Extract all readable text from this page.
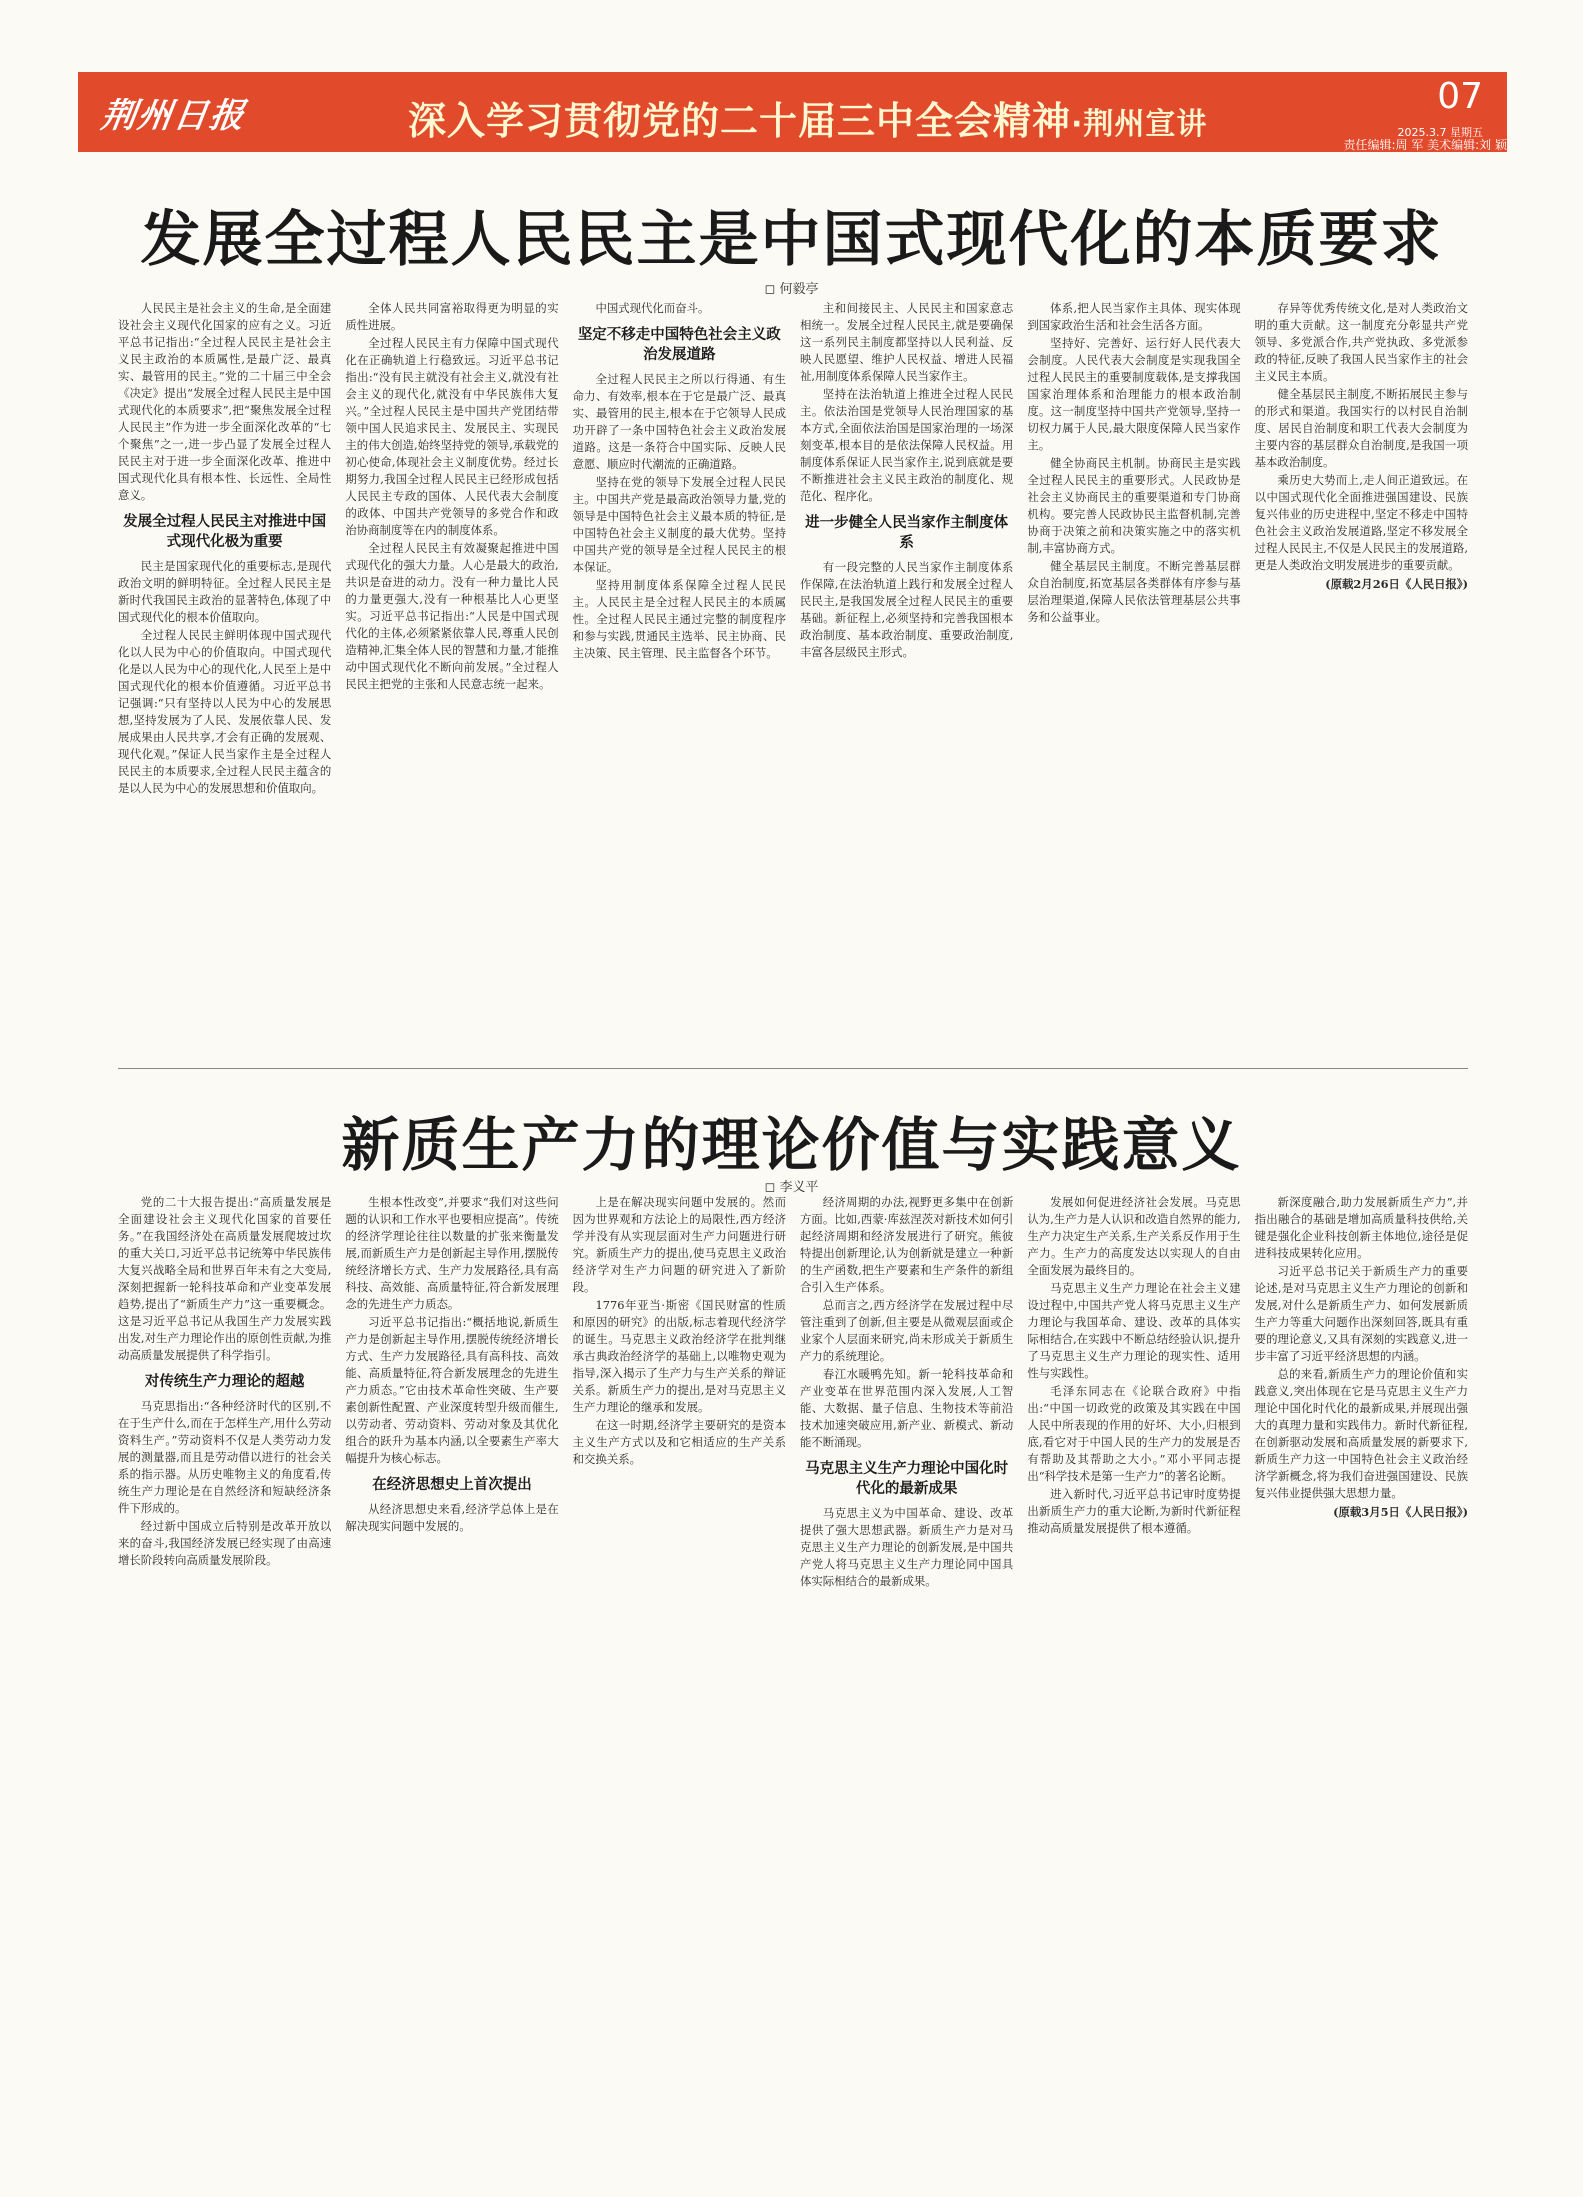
荆州日报	深入学习贯彻党的二十届三中全会精神·荆州宣讲
07
2025.3.7 星期五
责任编辑:周 军 美术编辑:刘 颖
发展全过程人民民主是中国式现代化的本质要求
◻ 何毅亭

人民民主是社会主义的生命,是全面建设社会主义现代化国家的应有之义。习近平总书记指出:“全过程人民民主是社会主义民主政治的本质属性,是最广泛、最真实、最管用的民主。”党的二十届三中全会《决定》提出“发展全过程人民民主是中国式现代化的本质要求”,把“聚焦发展全过程人民民主”作为进一步全面深化改革的“七个聚焦”之一,进一步凸显了发展全过程人民民主对于进一步全面深化改革、推进中国式现代化具有根本性、长远性、全局性意义。

发展全过程人民民主对推进中国式现代化极为重要

民主是国家现代化的重要标志,是现代政治文明的鲜明特征。全过程人民民主是新时代我国民主政治的显著特色,体现了中国式现代化的根本价值取向。

全过程人民民主鲜明体现中国式现代化以人民为中心的价值取向。中国式现代化是以人民为中心的现代化,人民至上是中国式现代化的根本价值遵循。习近平总书记强调:“只有坚持以人民为中心的发展思想,坚持发展为了人民、发展依靠人民、发展成果由人民共享,才会有正确的发展观、现代化观。”保证人民当家作主是全过程人民民主的本质要求,全过程人民民主蕴含的是以人民为中心的发展思想和价值取向。

全体人民共同富裕取得更为明显的实质性进展。

全过程人民民主有力保障中国式现代化在正确轨道上行稳致远。习近平总书记指出:“没有民主就没有社会主义,就没有社会主义的现代化,就没有中华民族伟大复兴。”全过程人民民主是中国共产党团结带领中国人民追求民主、发展民主、实现民主的伟大创造,始终坚持党的领导,承载党的初心使命,体现社会主义制度优势。经过长期努力,我国全过程人民民主已经形成包括人民民主专政的国体、人民代表大会制度的政体、中国共产党领导的多党合作和政治协商制度等在内的制度体系。

全过程人民民主有效凝聚起推进中国式现代化的强大力量。人心是最大的政治,共识是奋进的动力。没有一种力量比人民的力量更强大,没有一种根基比人心更坚实。习近平总书记指出:“人民是中国式现代化的主体,必须紧紧依靠人民,尊重人民创造精神,汇集全体人民的智慧和力量,才能推动中国式现代化不断向前发展。”全过程人民民主把党的主张和人民意志统一起来。

中国式现代化而奋斗。

坚定不移走中国特色社会主义政治发展道路

全过程人民民主之所以行得通、有生命力、有效率,根本在于它是最广泛、最真实、最管用的民主,根本在于它领导人民成功开辟了一条中国特色社会主义政治发展道路。这是一条符合中国实际、反映人民意愿、顺应时代潮流的正确道路。

坚持在党的领导下发展全过程人民民主。中国共产党是最高政治领导力量,党的领导是中国特色社会主义最本质的特征,是中国特色社会主义制度的最大优势。坚持中国共产党的领导是全过程人民民主的根本保证。

坚持用制度体系保障全过程人民民主。人民民主是全过程人民民主的本质属性。全过程人民民主通过完整的制度程序和参与实践,贯通民主选举、民主协商、民主决策、民主管理、民主监督各个环节。

主和间接民主、人民民主和国家意志相统一。发展全过程人民民主,就是要确保这一系列民主制度都坚持以人民利益、反映人民愿望、维护人民权益、增进人民福祉,用制度体系保障人民当家作主。

坚持在法治轨道上推进全过程人民民主。依法治国是党领导人民治理国家的基本方式,全面依法治国是国家治理的一场深刻变革,根本目的是依法保障人民权益。用制度体系保证人民当家作主,说到底就是要不断推进社会主义民主政治的制度化、规范化、程序化。

进一步健全人民当家作主制度体系

有一段完整的人民当家作主制度体系作保障,在法治轨道上践行和发展全过程人民民主,是我国发展全过程人民民主的重要基础。新征程上,必须坚持和完善我国根本政治制度、基本政治制度、重要政治制度,丰富各层级民主形式。

体系,把人民当家作主具体、现实体现到国家政治生活和社会生活各方面。

坚持好、完善好、运行好人民代表大会制度。人民代表大会制度是实现我国全过程人民民主的重要制度载体,是支撑我国国家治理体系和治理能力的根本政治制度。这一制度坚持中国共产党领导,坚持一切权力属于人民,最大限度保障人民当家作主。

健全协商民主机制。协商民主是实践全过程人民民主的重要形式。人民政协是社会主义协商民主的重要渠道和专门协商机构。要完善人民政协民主监督机制,完善协商于决策之前和决策实施之中的落实机制,丰富协商方式。

健全基层民主制度。不断完善基层群众自治制度,拓宽基层各类群体有序参与基层治理渠道,保障人民依法管理基层公共事务和公益事业。

存异等优秀传统文化,是对人类政治文明的重大贡献。这一制度充分彰显共产党领导、多党派合作,共产党执政、多党派参政的特征,反映了我国人民当家作主的社会主义民主本质。

健全基层民主制度,不断拓展民主参与的形式和渠道。我国实行的以村民自治制度、居民自治制度和职工代表大会制度为主要内容的基层群众自治制度,是我国一项基本政治制度。

乘历史大势而上,走人间正道致远。在以中国式现代化全面推进强国建设、民族复兴伟业的历史进程中,坚定不移走中国特色社会主义政治发展道路,坚定不移发展全过程人民民主,不仅是人民民主的发展道路,更是人类政治文明发展进步的重要贡献。

(原载2月26日《人民日报》)
新质生产力的理论价值与实践意义
◻ 李义平

党的二十大报告提出:“高质量发展是全面建设社会主义现代化国家的首要任务。”在我国经济处在高质量发展爬坡过坎的重大关口,习近平总书记统筹中华民族伟大复兴战略全局和世界百年未有之大变局,深刻把握新一轮科技革命和产业变革发展趋势,提出了“新质生产力”这一重要概念。这是习近平总书记从我国生产力发展实践出发,对生产力理论作出的原创性贡献,为推动高质量发展提供了科学指引。

对传统生产力理论的超越

马克思指出:“各种经济时代的区别,不在于生产什么,而在于怎样生产,用什么劳动资料生产。”劳动资料不仅是人类劳动力发展的测量器,而且是劳动借以进行的社会关系的指示器。从历史唯物主义的角度看,传统生产力理论是在自然经济和短缺经济条件下形成的。

经过新中国成立后特别是改革开放以来的奋斗,我国经济发展已经实现了由高速增长阶段转向高质量发展阶段。

生根本性改变”,并要求“我们对这些问题的认识和工作水平也要相应提高”。传统的经济学理论往往以数量的扩张来衡量发展,而新质生产力是创新起主导作用,摆脱传统经济增长方式、生产力发展路径,具有高科技、高效能、高质量特征,符合新发展理念的先进生产力质态。

习近平总书记指出:“概括地说,新质生产力是创新起主导作用,摆脱传统经济增长方式、生产力发展路径,具有高科技、高效能、高质量特征,符合新发展理念的先进生产力质态。”它由技术革命性突破、生产要素创新性配置、产业深度转型升级而催生,以劳动者、劳动资料、劳动对象及其优化组合的跃升为基本内涵,以全要素生产率大幅提升为核心标志。

在经济思想史上首次提出

从经济思想史来看,经济学总体上是在解决现实问题中发展的。

上是在解决现实问题中发展的。然而因为世界观和方法论上的局限性,西方经济学并没有从实现层面对生产力问题进行研究。新质生产力的提出,使马克思主义政治经济学对生产力问题的研究进入了新阶段。

1776年亚当·斯密《国民财富的性质和原因的研究》的出版,标志着现代经济学的诞生。马克思主义政治经济学在批判继承古典政治经济学的基础上,以唯物史观为指导,深入揭示了生产力与生产关系的辩证关系。新质生产力的提出,是对马克思主义生产力理论的继承和发展。

在这一时期,经济学主要研究的是资本主义生产方式以及和它相适应的生产关系和交换关系。

经济周期的办法,视野更多集中在创新方面。比如,西蒙·库兹涅茨对新技术如何引起经济周期和经济发展进行了研究。熊彼特提出创新理论,认为创新就是建立一种新的生产函数,把生产要素和生产条件的新组合引入生产体系。

总而言之,西方经济学在发展过程中尽管注重到了创新,但主要是从微观层面或企业家个人层面来研究,尚未形成关于新质生产力的系统理论。

春江水暖鸭先知。新一轮科技革命和产业变革在世界范围内深入发展,人工智能、大数据、量子信息、生物技术等前沿技术加速突破应用,新产业、新模式、新动能不断涌现。

马克思主义生产力理论中国化时代化的最新成果

马克思主义为中国革命、建设、改革提供了强大思想武器。新质生产力是对马克思主义生产力理论的创新发展,是中国共产党人将马克思主义生产力理论同中国具体实际相结合的最新成果。

发展如何促进经济社会发展。马克思认为,生产力是人认识和改造自然界的能力,生产力决定生产关系,生产关系反作用于生产力。生产力的高度发达以实现人的自由全面发展为最终目的。

马克思主义生产力理论在社会主义建设过程中,中国共产党人将马克思主义生产力理论与我国革命、建设、改革的具体实际相结合,在实践中不断总结经验认识,提升了马克思主义生产力理论的现实性、适用性与实践性。

毛泽东同志在《论联合政府》中指出:“中国一切政党的政策及其实践在中国人民中所表现的作用的好坏、大小,归根到底,看它对于中国人民的生产力的发展是否有帮助及其帮助之大小。”邓小平同志提出“科学技术是第一生产力”的著名论断。

进入新时代,习近平总书记审时度势提出新质生产力的重大论断,为新时代新征程推动高质量发展提供了根本遵循。

新深度融合,助力发展新质生产力”,并指出融合的基础是增加高质量科技供给,关键是强化企业科技创新主体地位,途径是促进科技成果转化应用。

习近平总书记关于新质生产力的重要论述,是对马克思主义生产力理论的创新和发展,对什么是新质生产力、如何发展新质生产力等重大问题作出深刻回答,既具有重要的理论意义,又具有深刻的实践意义,进一步丰富了习近平经济思想的内涵。

总的来看,新质生产力的理论价值和实践意义,突出体现在它是马克思主义生产力理论中国化时代化的最新成果,并展现出强大的真理力量和实践伟力。新时代新征程,在创新驱动发展和高质量发展的新要求下,新质生产力这一中国特色社会主义政治经济学新概念,将为我们奋进强国建设、民族复兴伟业提供强大思想力量。

(原载3月5日《人民日报》)
